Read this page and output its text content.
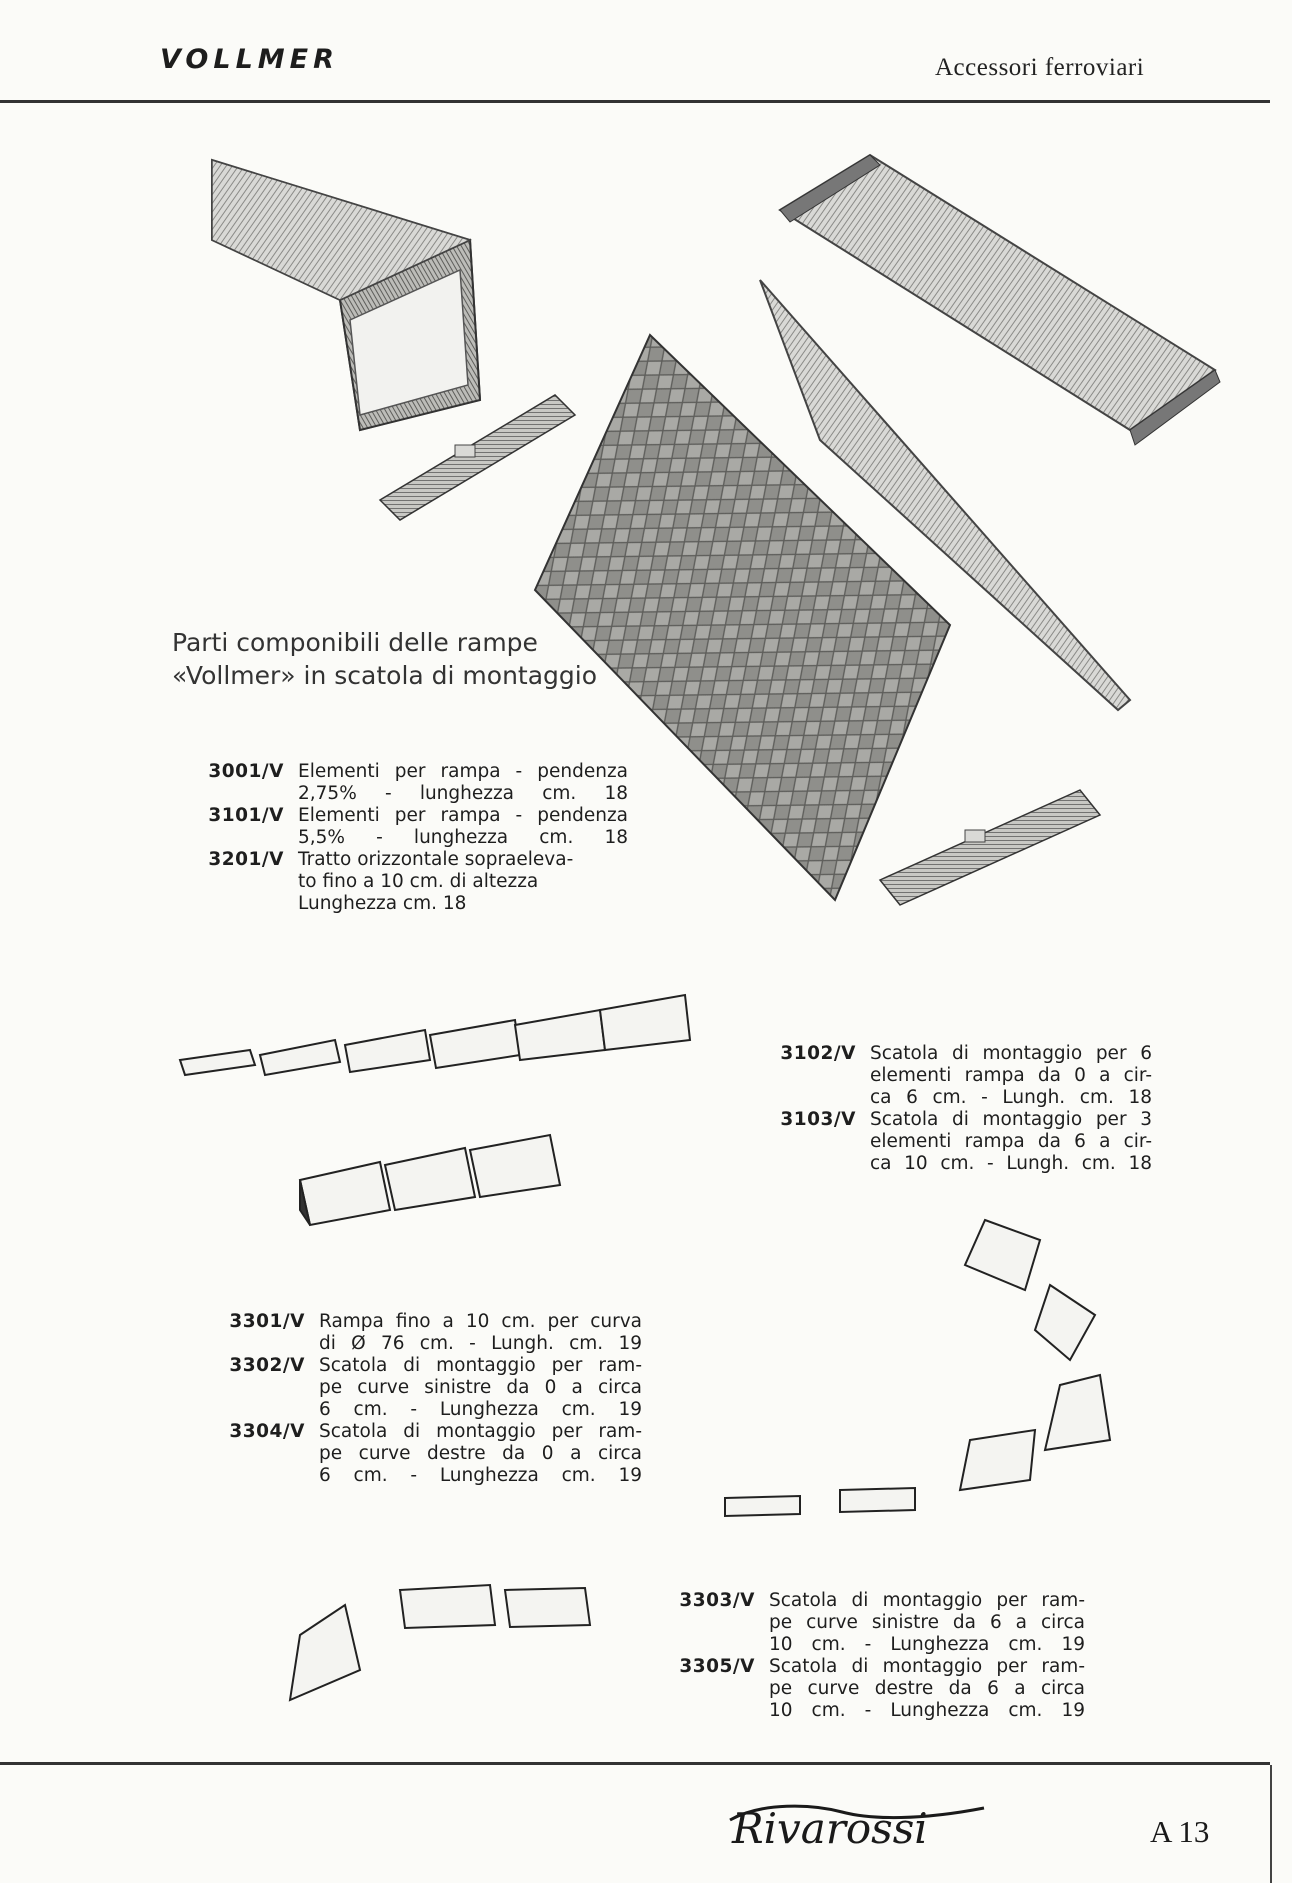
VOLLMER	Accessori ferroviari
Parti componibili delle rampe
«Vollmer» in scatola di montaggio
3001/V Elementi per rampa - pendenza

2,75% - lunghezza cm. 18

3101/V Elementi per rampa - pendenza

5,5% - lunghezza cm. 18

3201/V Tratto orizzontale sopraeleva-

to fino a 10 cm. di altezza

Lunghezza cm. 18

3102/V Scatola di montaggio per 6

elementi rampa da 0 a cir-

ca 6 cm. - Lungh. cm. 18

3103/V Scatola di montaggio per 3

elementi rampa da 6 a cir-

ca 10 cm. - Lungh. cm. 18

3301/V Rampa fino a 10 cm. per curva

di Ø 76 cm. - Lungh. cm. 19

3302/V Scatola di montaggio per ram-

pe curve sinistre da 0 a circa

6 cm. - Lunghezza cm. 19

3304/V Scatola di montaggio per ram-

pe curve destre da 0 a circa

6 cm. - Lunghezza cm. 19

3303/V Scatola di montaggio per ram-

pe curve sinistre da 6 a circa

10 cm. - Lunghezza cm. 19

3305/V Scatola di montaggio per ram-

pe curve destre da 6 a circa

10 cm. - Lunghezza cm. 19

Rivarossi	A 13
